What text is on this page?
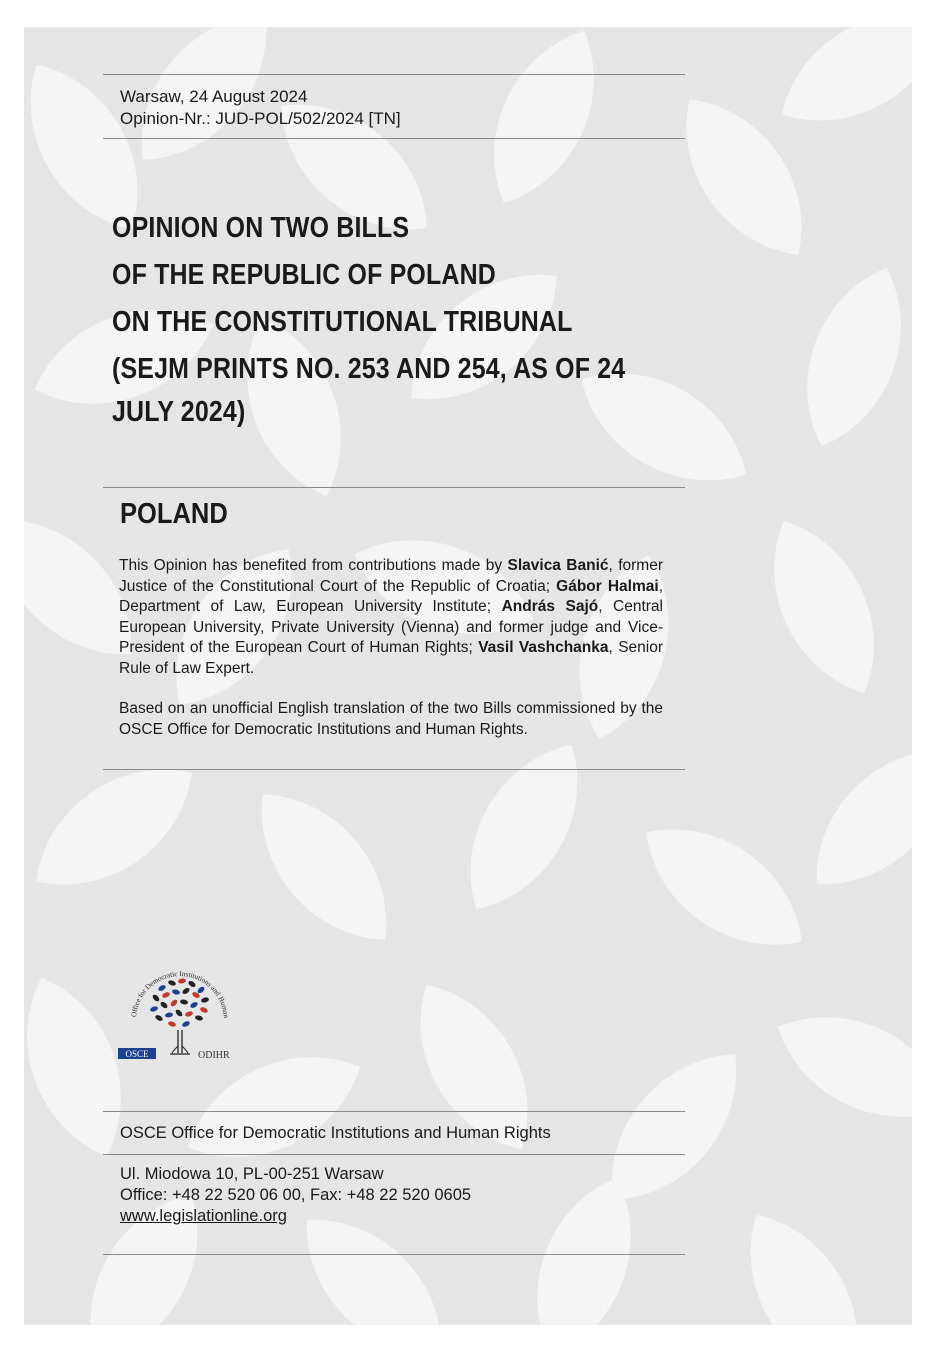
Warsaw, 24 August 2024
Opinion-Nr.: JUD-POL/502/2024 [TN]
OPINION ON TWO BILLS
OF THE REPUBLIC OF POLAND
ON THE CONSTITUTIONAL TRIBUNAL
(SEJM PRINTS NO. 253 AND 254, AS OF 24
JULY 2024)
POLAND
This Opinion has benefited from contributions made by Slavica Banić, former Justice of the Constitutional Court of the Republic of Croatia; Gábor Halmai, Department of Law, European University Institute; András Sajó, Central European University, Private University (Vienna) and former judge and Vice-President of the European Court of Human Rights; Vasil Vashchanka, Senior Rule of Law Expert.
Based on an unofficial English translation of the two Bills commissioned by the OSCE Office for Democratic Institutions and Human Rights.
Office for Democratic Institutions and Human
OSCE	ODIHR
OSCE Office for Democratic Institutions and Human Rights
Ul. Miodowa 10, PL-00-251 Warsaw
Office: +48 22 520 06 00, Fax: +48 22 520 0605
www.legislationline.org
